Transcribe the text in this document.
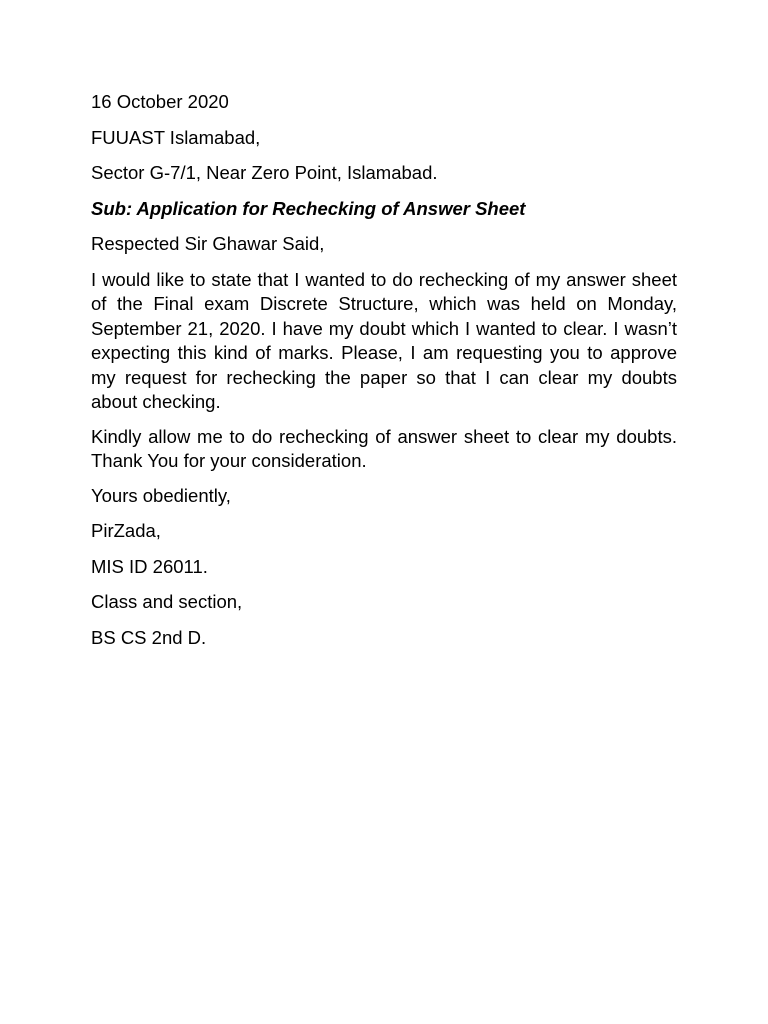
16 October 2020
FUUAST Islamabad,
Sector G-7/1, Near Zero Point, Islamabad.
Sub: Application for Rechecking of Answer Sheet
Respected Sir Ghawar Said,

I would like to state that I wanted to do rechecking of my answer sheet of the Final exam Discrete Structure, which was held on Monday, September 21, 2020. I have my doubt which I wanted to clear. I wasn’t expecting this kind of marks. Please, I am requesting you to approve my request for rechecking the paper so that I can clear my doubts about checking.

Kindly allow me to do rechecking of answer sheet to clear my doubts. Thank You for your consideration.

Yours obediently,
PirZada,
MIS ID 26011.
Class and section,
BS CS 2nd D.
